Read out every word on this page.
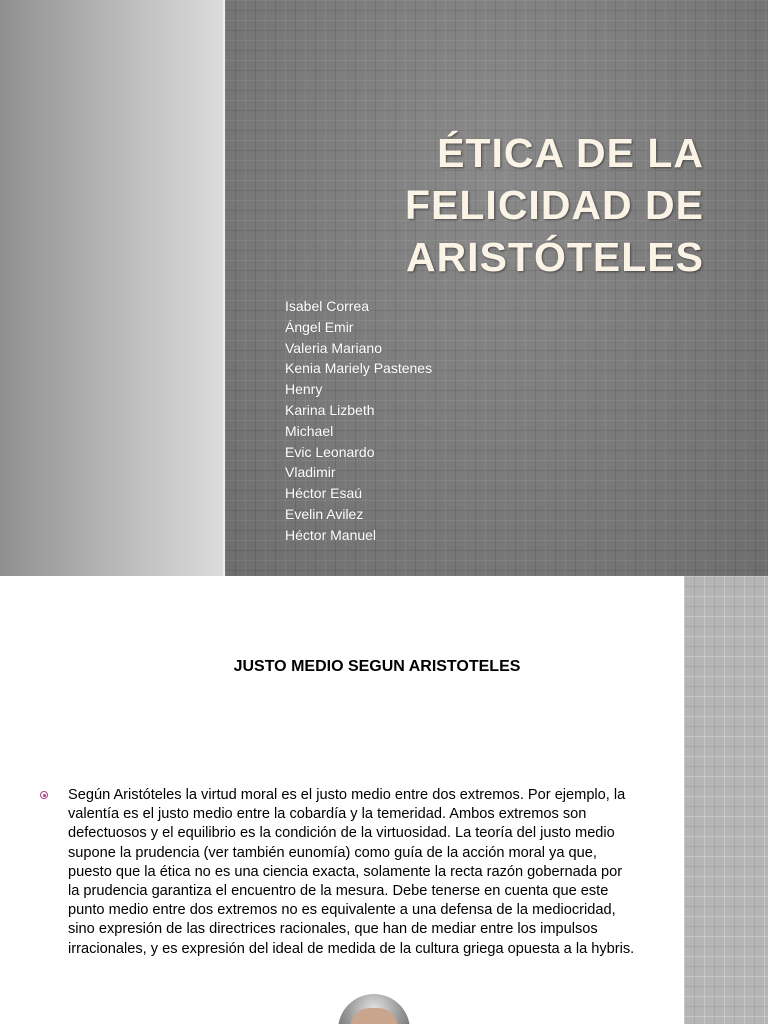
ÉTICA DE LA FELICIDAD DE ARISTÓTELES
Isabel Correa
Ángel Emir
Valeria Mariano
Kenia Mariely Pastenes
Henry
Karina Lizbeth
Michael
Evic Leonardo
Vladimir
Héctor Esaú
Evelin Avilez
Héctor Manuel
JUSTO MEDIO SEGUN ARISTOTELES

Según Aristóteles la virtud moral es el justo medio entre dos extremos. Por ejemplo, la valentía es el justo medio entre la cobardía y la temeridad. Ambos extremos son defectuosos y el equilibrio es la condición de la virtuosidad. La teoría del justo medio supone la prudencia (ver también eunomía) como guía de la acción moral ya que, puesto que la ética no es una ciencia exacta, solamente la recta razón gobernada por la prudencia garantiza el encuentro de la mesura. Debe tenerse en cuenta que este punto medio entre dos extremos no es equivalente a una defensa de la mediocridad, sino expresión de las directrices racionales, que han de mediar entre los impulsos irracionales, y es expresión del ideal de medida de la cultura griega opuesta a la hybris.
